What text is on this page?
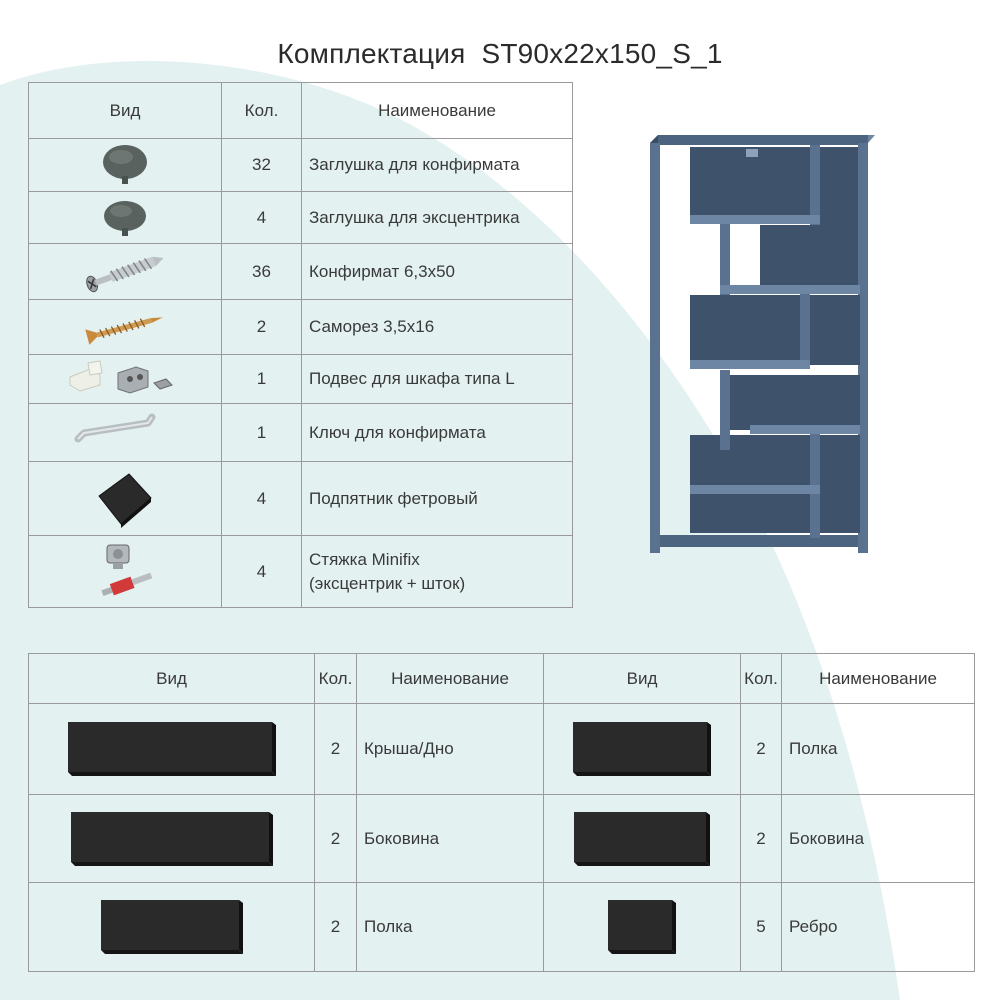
Комплектация ST90x22x150_S_1
Вид	Кол.	Наименование

	32	Заглушка для конфирмата

	4	Заглушка для эксцентрика

	36	Конфирмат 6,3x50

	2	Саморез 3,5x16

	1	Подвес для шкафа типа L

	1	Ключ для конфирмата

	4	Подпятник фетровый

	4	Стяжка Minifix
(эксцентрик + шток)
Вид	Кол.	Наименование	Вид	Кол.	Наименование

	2	Крыша/Дно		2	Полка

	2	Боковина		2	Боковина

	2	Полка		5	Ребро
